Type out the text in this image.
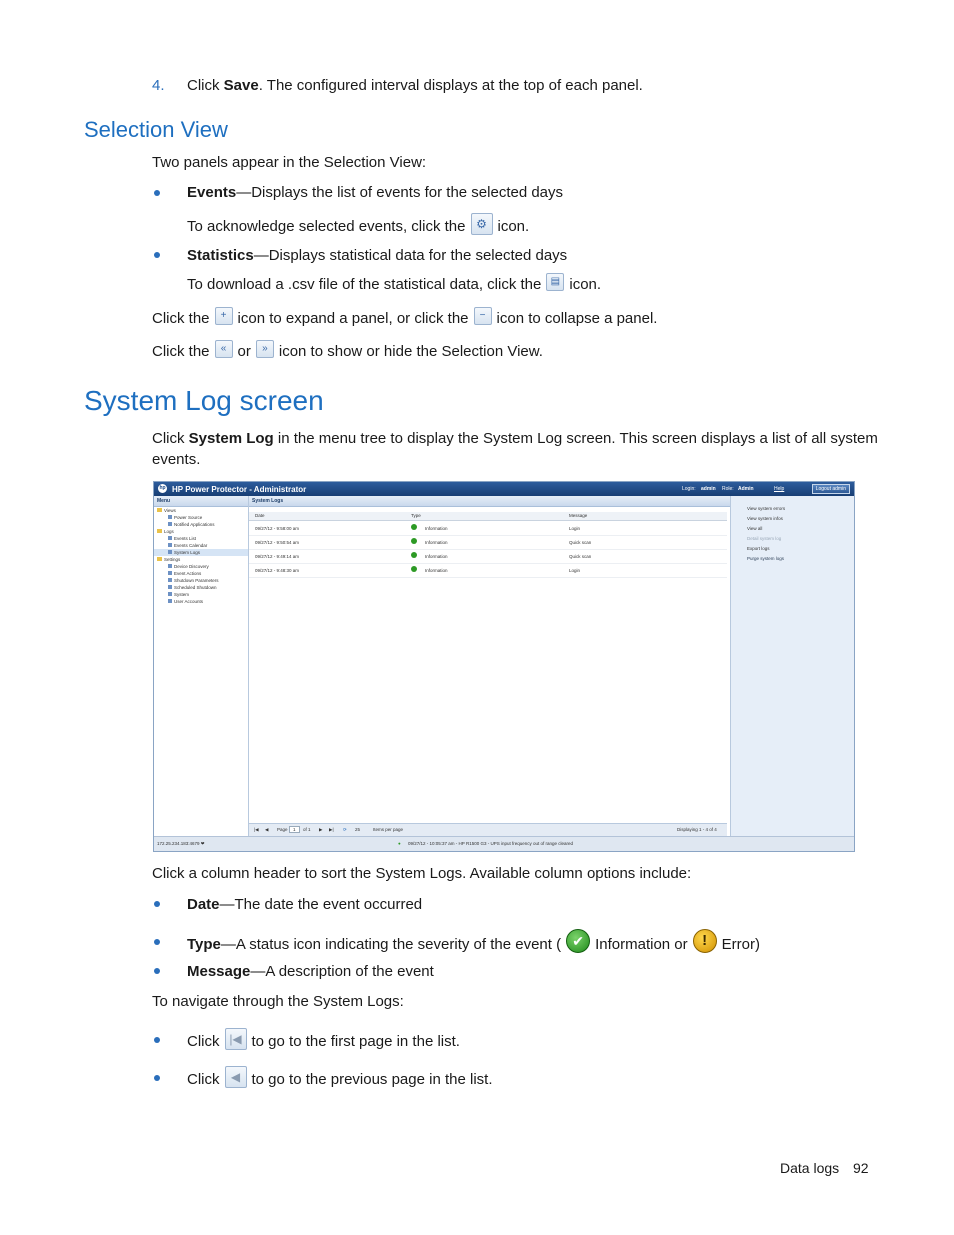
4. Click Save. The configured interval displays at the top of each panel.
Selection View
Two panels appear in the Selection View:
Events—Displays the list of events for the selected days
To acknowledge selected events, click the ⚙ icon.
Statistics—Displays statistical data for the selected days
To download a .csv file of the statistical data, click the ▤ icon.
Click the + icon to expand a panel, or click the − icon to collapse a panel.
Click the « or » icon to show or hide the Selection View.
System Log screen
Click System Log in the menu tree to display the System Log screen. This screen displays a list of all system
events.
hp HP Power Protector - Administrator	Login: admin Role: Admin	Help	Logout admin
Menu
Views
Power Source
Notified Applications
Logs
Events List
Events Calendar
System Logs
Settings
Device Discovery
Event Actions
Shutdown Parameters
Scheduled Shutdown
System
User Accounts
System Logs
Date	Type	Message
09/27/12 - 9:58:00 am	Information	Login
09/27/12 - 9:50:54 am	Information	Quick scan
09/27/12 - 9:49:14 am	Information	Quick scan
09/27/12 - 9:48:30 am	Information	Login
|◀ ◀ Page	1	of 1 ▶ ▶| ⟳ 25	Items per page	Displaying 1 - 4 of 4
View system errors
View system infos
View all
Detail system log
Export logs
Purge system logs
172.25.234.183:4679 ❤	● 09/27/12 - 10:05:37 am - HP R1500 G3 - UPS input frequency out of range cleared
Click a column header to sort the System Logs. Available column options include:
Date—The date the event occurred
Type—A status icon indicating the severity of the event ( ✔ Information or ! Error)
Message—A description of the event
To navigate through the System Logs:
Click |◀ to go to the first page in the list.
Click ◀ to go to the previous page in the list.
Data logs 92
